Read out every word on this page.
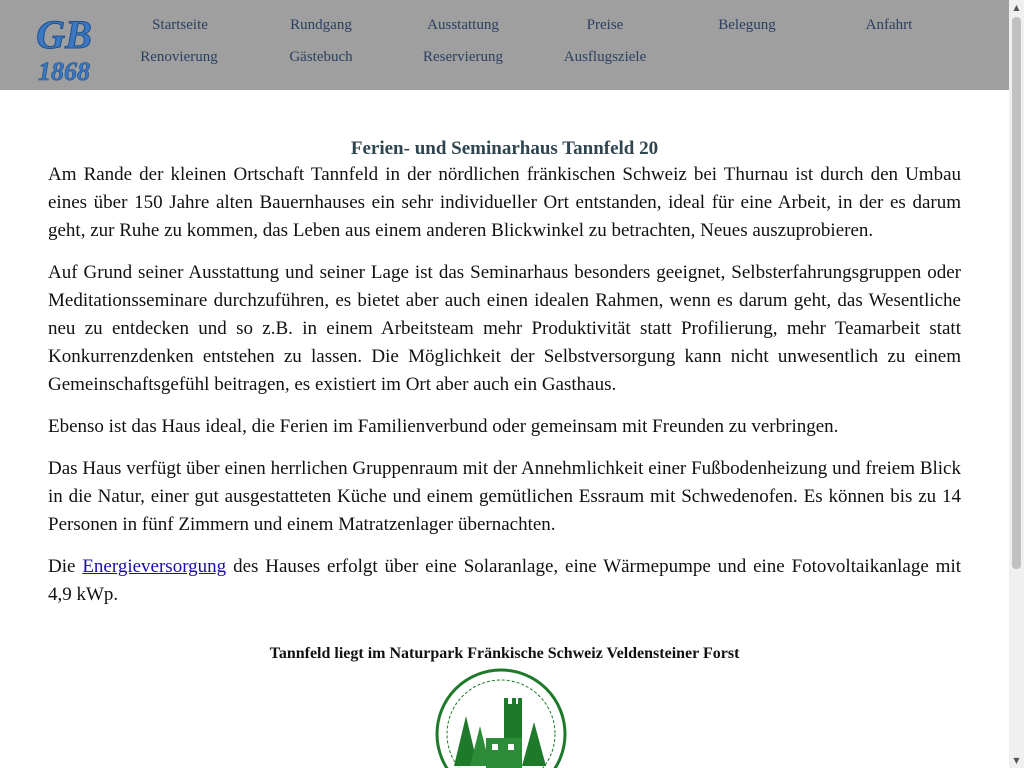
GB
1868
Startseite	Rundgang	Ausstattung	Preise	Belegung	Anfahrt
Renovierung	Gästebuch	Reservierung	Ausflugsziele
Ferien- und Seminarhaus Tannfeld 20

Am Rande der kleinen Ortschaft Tannfeld in der nördlichen fränkischen Schweiz bei Thurnau ist durch den Umbau eines über 150 Jahre alten Bauernhauses ein sehr individueller Ort entstanden, ideal für eine Arbeit, in der es darum geht, zur Ruhe zu kommen, das Leben aus einem anderen Blickwinkel zu betrachten, Neues auszuprobieren.

Auf Grund seiner Ausstattung und seiner Lage ist das Seminarhaus besonders geeignet, Selbsterfahrungsgruppen oder Meditationsseminare durchzuführen, es bietet aber auch einen idealen Rahmen, wenn es darum geht, das Wesentliche neu zu entdecken und so z.B. in einem Arbeitsteam mehr Produktivität statt Profilierung, mehr Teamarbeit statt Konkurrenzdenken entstehen zu lassen. Die Möglichkeit der Selbstversorgung kann nicht unwesentlich zu einem Gemeinschaftsgefühl beitragen, es existiert im Ort aber auch ein Gasthaus.

Ebenso ist das Haus ideal, die Ferien im Familienverbund oder gemeinsam mit Freunden zu verbringen.

Das Haus verfügt über einen herrlichen Gruppenraum mit der Annehmlichkeit einer Fußbodenheizung und freiem Blick in die Natur, einer gut ausgestatteten Küche und einem gemütlichen Essraum mit Schwedenofen. Es können bis zu 14 Personen in fünf Zimmern und einem Matratzenlager übernachten.

Die Energieversorgung des Hauses erfolgt über eine Solaranlage, eine Wärmepumpe und eine Fotovoltaikanlage mit 4,9 kWp.

Tannfeld liegt im Naturpark Fränkische Schweiz Veldensteiner Forst
▲
▼
